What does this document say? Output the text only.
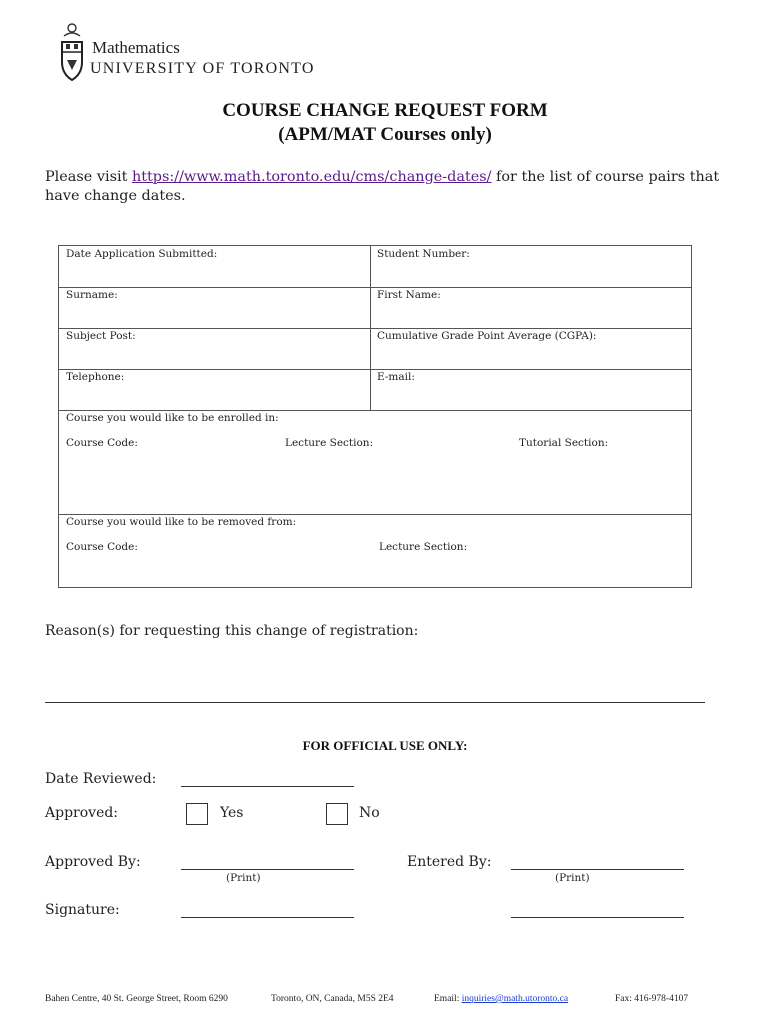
Mathematics
UNIVERSITY OF TORONTO
COURSE CHANGE REQUEST FORM
(APM/MAT Courses only)
Please visit https://www.math.toronto.edu/cms/change-dates/ for the list of course pairs that have change dates.
Date Application Submitted:	Student Number:
Surname:	First Name:
Subject Post:	Cumulative Grade Point Average (CGPA):
Telephone:	E-mail:
Course you would like to be enrolled in:
Course Code:	Lecture Section:	Tutorial Section:
Course you would like to be removed from:
Course Code:	Lecture Section:
Reason(s) for requesting this change of registration:
FOR OFFICIAL USE ONLY:
Date Reviewed:
Approved:	Yes	No
Approved By:
(Print)
Entered By:
(Print)
Signature:
Bahen Centre, 40 St. George Street, Room 6290	Toronto, ON, Canada, M5S 2E4	Email: inquiries@math.utoronto.ca	Fax: 416-978-4107
